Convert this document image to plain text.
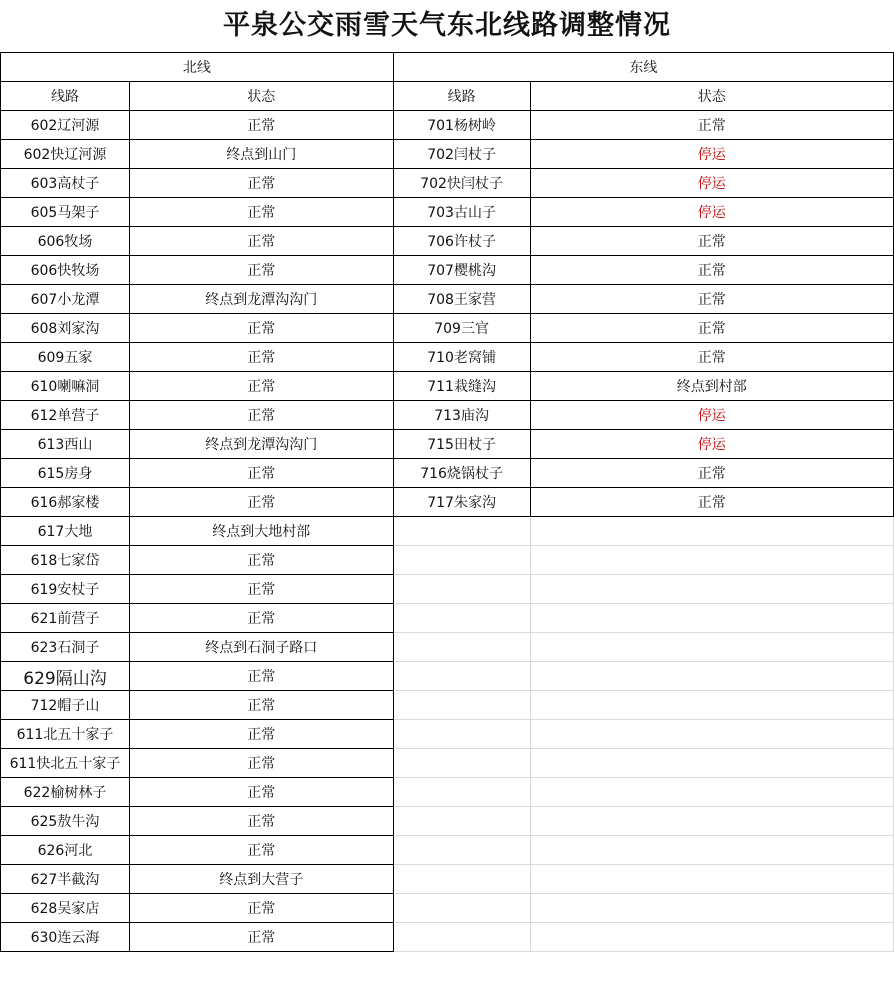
平泉公交雨雪天气东北线路调整情况
北线		东线	
线路	状态	线路	状态
602辽河源	正常	701杨树岭	正常
602快辽河源	终点到山门	702闫杖子	停运
603高杖子	正常	702快闫杖子	停运
605马架子	正常	703古山子	停运
606牧场	正常	706许杖子	正常
606快牧场	正常	707樱桃沟	正常
607小龙潭	终点到龙潭沟沟门	708王家营	正常
608刘家沟	正常	709三官	正常
609五家	正常	710老窝铺	正常
610喇嘛洞	正常	711栽缝沟	终点到村部
612单营子	正常	713庙沟	停运
613西山	终点到龙潭沟沟门	715田杖子	停运
615房身	正常	716烧锅杖子	正常
616郝家楼	正常	717朱家沟	正常
617大地	终点到大地村部		
618七家岱	正常		
619安杖子	正常		
621前营子	正常		
623石洞子	终点到石洞子路口		
629隔山沟	正常		
712帽子山	正常		
611北五十家子	正常		
611快北五十家子	正常		
622榆树林子	正常		
625敖牛沟	正常		
626河北	正常		
627半截沟	终点到大营子		
628吴家店	正常		
630连云海	正常		
